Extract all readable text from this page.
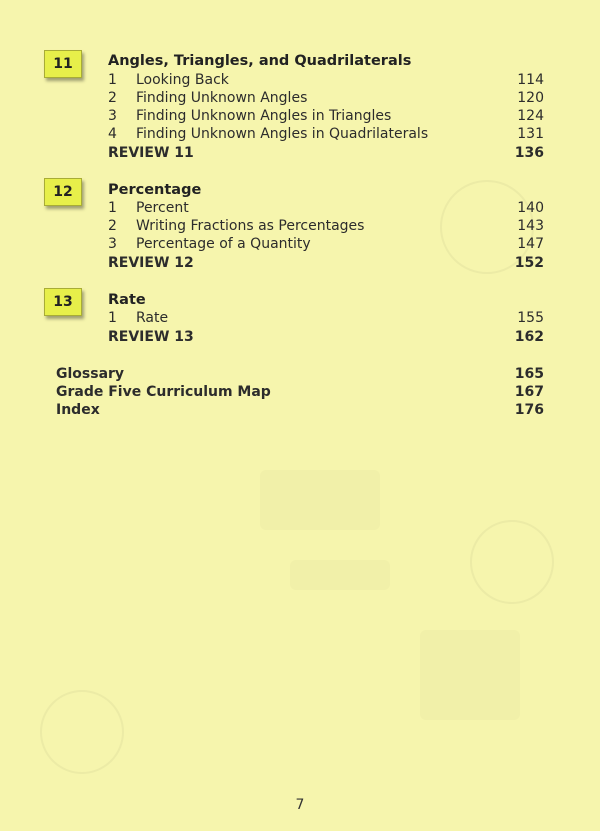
11	Angles, Triangles, and Quadrilaterals
1 Looking Back	114
2 Finding Unknown Angles	120
3 Finding Unknown Angles in Triangles	124
4 Finding Unknown Angles in Quadrilaterals	131
REVIEW 11	136
12	Percentage
1 Percent	140
2 Writing Fractions as Percentages	143
3 Percentage of a Quantity	147
REVIEW 12	152
13	Rate
1 Rate	155
REVIEW 13	162
Glossary	165
Grade Five Curriculum Map	167
Index	176
7
